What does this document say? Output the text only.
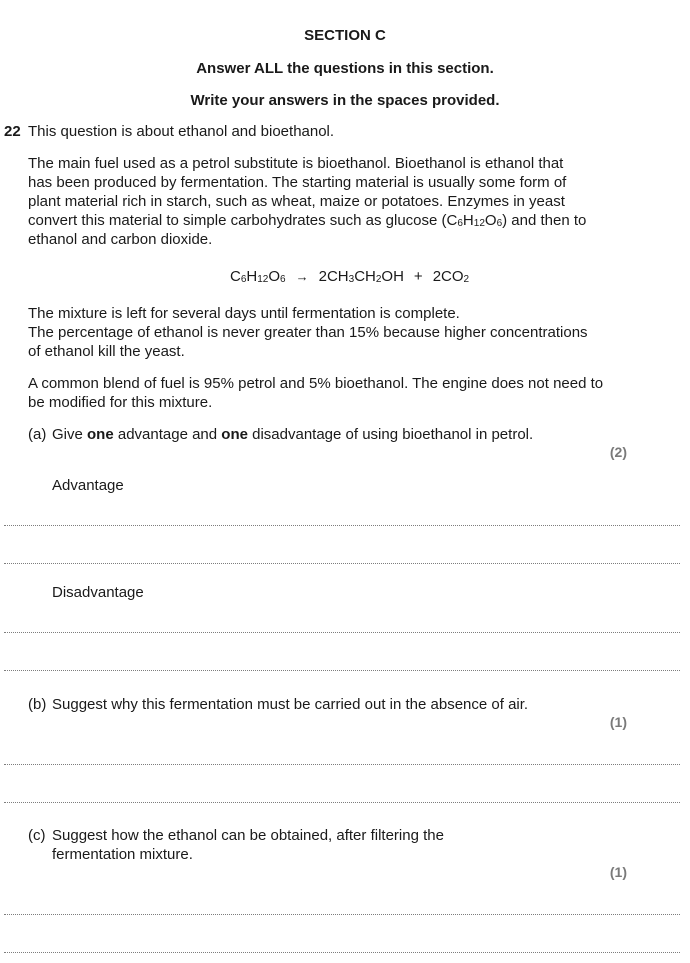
SECTION C
Answer ALL the questions in this section.
Write your answers in the spaces provided.
22 This question is about ethanol and bioethanol.
The main fuel used as a petrol substitute is bioethanol. Bioethanol is ethanol that has been produced by fermentation. The starting material is usually some form of plant material rich in starch, such as wheat, maize or potatoes. Enzymes in yeast convert this material to simple carbohydrates such as glucose $(C_6H_{12}O_6)$ and then to ethanol and carbon dioxide.
$C_6H_{12}O_6 \to 2CH_3CH_2OH + 2CO_2$
The mixture is left for several days until fermentation is complete.
The percentage of ethanol is never greater than 15% because higher concentrations of ethanol kill the yeast.
A common blend of fuel is 95% petrol and 5% bioethanol. The engine does not need to be modified for this mixture.
(a) Give one advantage and one disadvantage of using bioethanol in petrol.
(2)
Advantage
Disadvantage
(b) Suggest why this fermentation must be carried out in the absence of air.
(1)
(c) Suggest how the ethanol can be obtained, after filtering the fermentation mixture.
(1)
